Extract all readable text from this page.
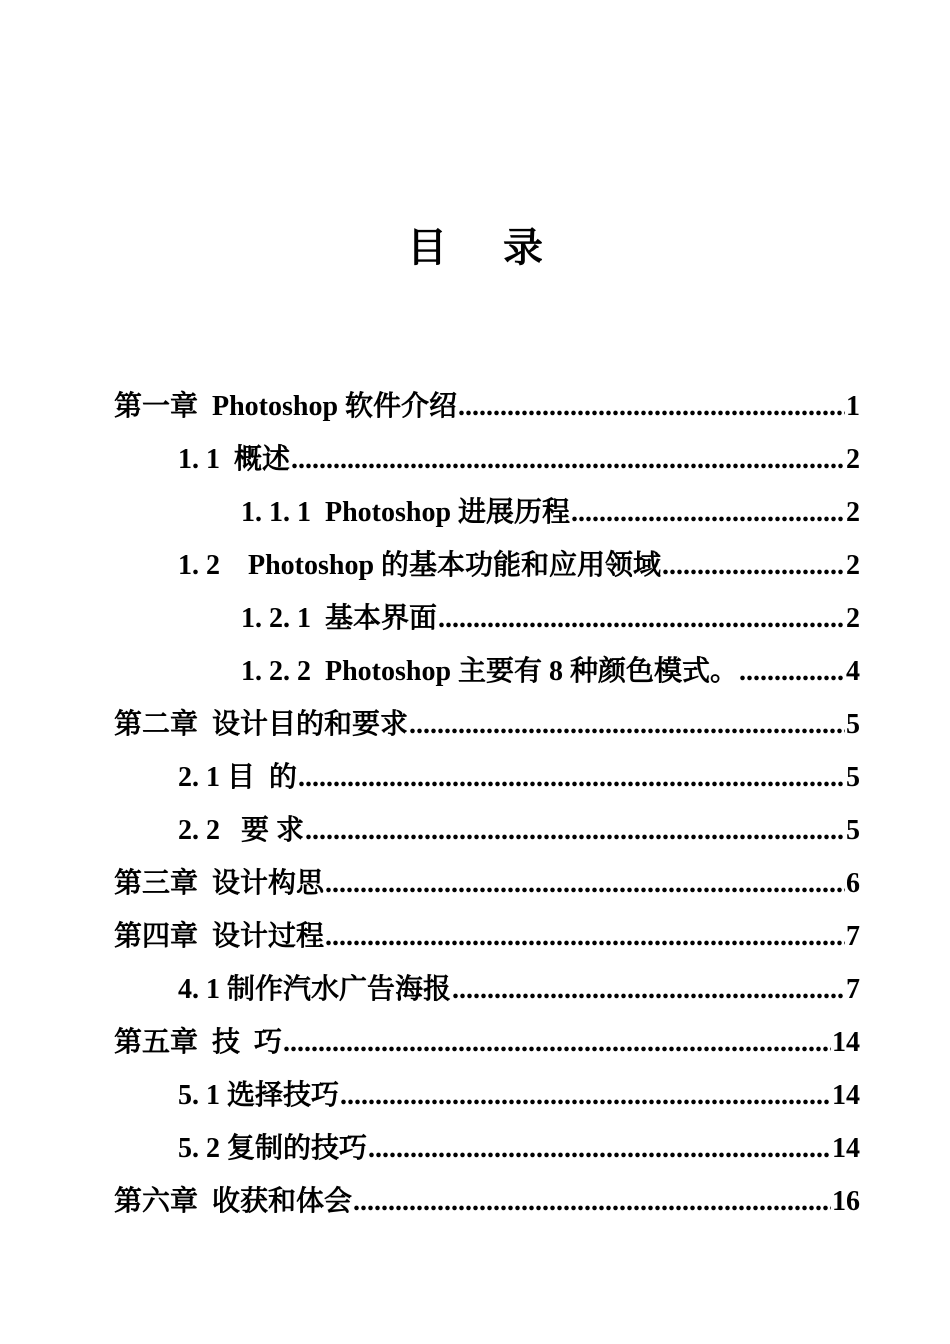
目 录
第一章  Photoshop 软件介绍 .....	1
1. 1  概述 .....	2
1. 1. 1  Photoshop 进展历程 .....	2
1. 2    Photoshop 的基本功能和应用领域 .....	2
1. 2. 1  基本界面 .....	2
1. 2. 2  Photoshop 主要有 8 种颜色模式。 .....	4
第二章  设计目的和要求 .....	5
2. 1 目  的 .....	5
2. 2   要 求 .....	5
第三章  设计构思 .....	6
第四章  设计过程 .....	7
4. 1 制作汽水广告海报 .....	7
第五章  技  巧 .....	14
5. 1 选择技巧 .....	14
5. 2 复制的技巧 .....	14
第六章  收获和体会 .....	16
